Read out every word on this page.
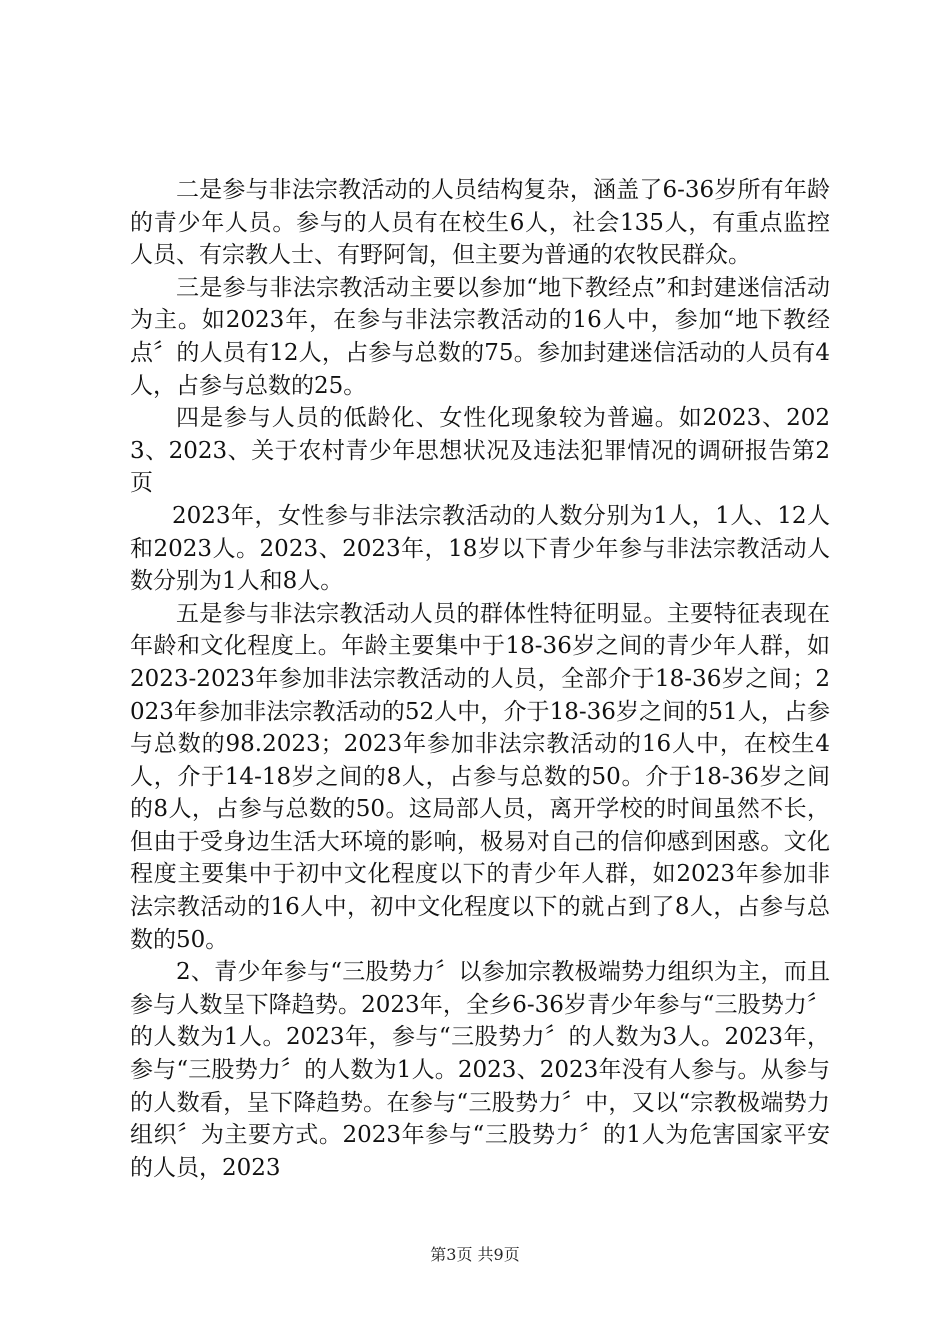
二是参与非法宗教活动的人员结构复杂，涵盖了6-36岁所有年龄的青少年人员。参与的人员有在校生6人，社会135人，有重点监控人员、有宗教人士、有野阿訇，但主要为普通的农牧民群众。

三是参与非法宗教活动主要以参加“地下教经点”和封建迷信活动为主。如2023年，在参与非法宗教活动的16人中，参加“地下教经点〞的人员有12人，占参与总数的75。参加封建迷信活动的人员有4人，占参与总数的25。

四是参与人员的低龄化、女性化现象较为普遍。如2023、2023、2023、关于农村青少年思想状况及违法犯罪情况的调研报告第2页

2023年，女性参与非法宗教活动的人数分别为1人，1人、12人和2023人。2023、2023年，18岁以下青少年参与非法宗教活动人数分别为1人和8人。

五是参与非法宗教活动人员的群体性特征明显。主要特征表现在年龄和文化程度上。年龄主要集中于18-36岁之间的青少年人群，如2023-2023年参加非法宗教活动的人员，全部介于18-36岁之间；2023年参加非法宗教活动的52人中，介于18-36岁之间的51人，占参与总数的98.2023；2023年参加非法宗教活动的16人中，在校生4人，介于14-18岁之间的8人，占参与总数的50。介于18-36岁之间的8人，占参与总数的50。这局部人员，离开学校的时间虽然不长，但由于受身边生活大环境的影响，极易对自己的信仰感到困惑。文化程度主要集中于初中文化程度以下的青少年人群，如2023年参加非法宗教活动的16人中，初中文化程度以下的就占到了8人，占参与总数的50。

2、青少年参与“三股势力〞以参加宗教极端势力组织为主，而且参与人数呈下降趋势。2023年，全乡6-36岁青少年参与“三股势力〞的人数为1人。2023年，参与“三股势力〞的人数为3人。2023年，参与“三股势力〞的人数为1人。2023、2023年没有人参与。从参与的人数看，呈下降趋势。在参与“三股势力〞中，又以“宗教极端势力组织〞为主要方式。2023年参与“三股势力〞的1人为危害国家平安的人员，2023

第3页 共9页
